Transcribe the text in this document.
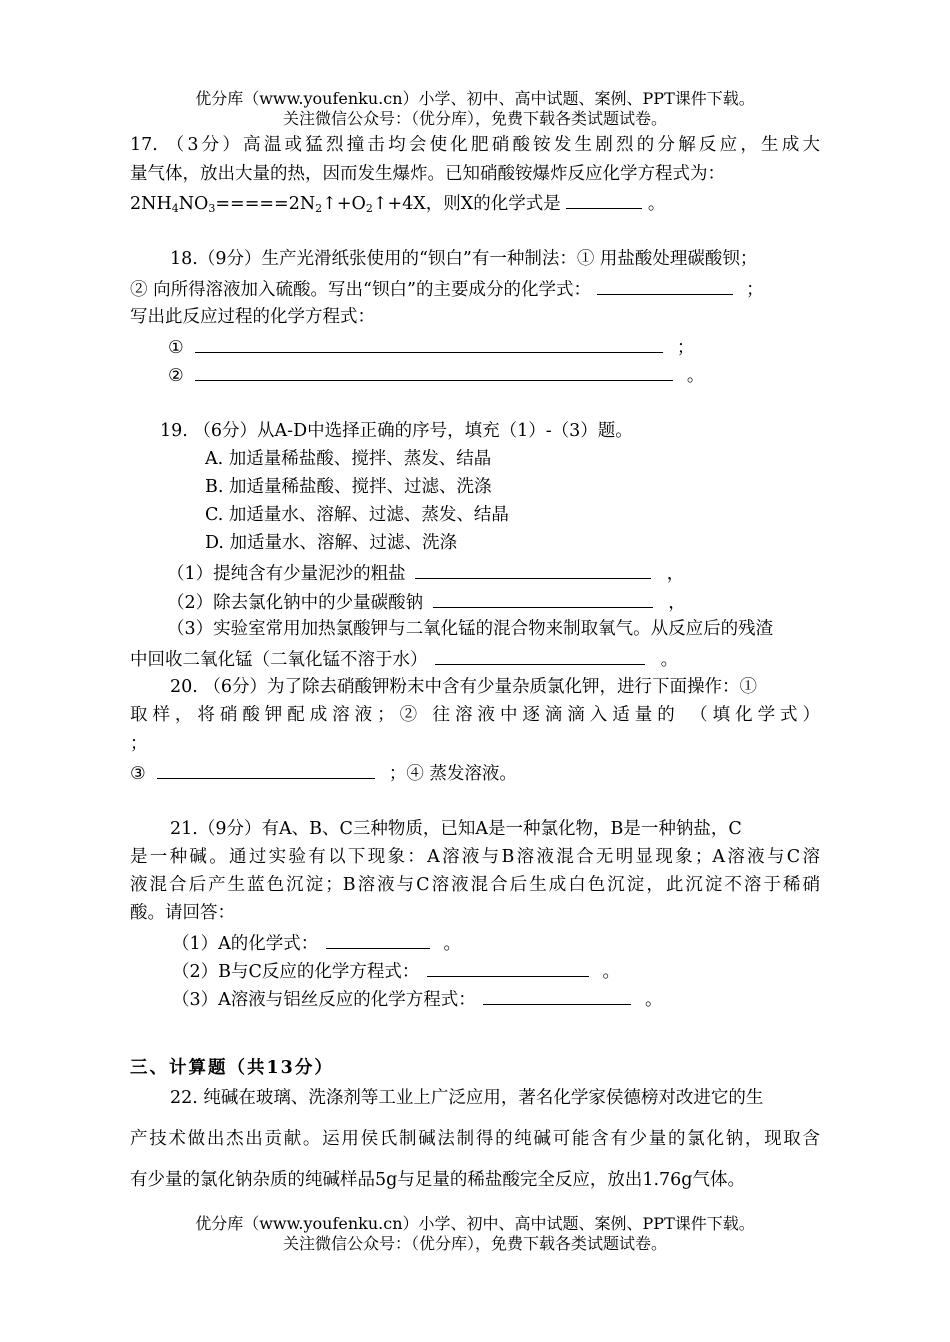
优分库（www.youfenku.cn）小学、初中、高中试题、案例、PPT课件下载。
关注微信公众号：（优分库），免费下载各类试题试卷。
17. （3分）高温或猛烈撞击均会使化肥硝酸铵发生剧烈的分解反应，生成大
量气体，放出大量的热，因而发生爆炸。已知硝酸铵爆炸反应化学方程式为：
$2NH_4NO_3=====2N_2↑+O_2↑+4X$，则X的化学式是	。
18.（9分）生产光滑纸张使用的“钡白”有一种制法：① 用盐酸处理碳酸钡；
② 向所得溶液加入硫酸。写出“钡白”的主要成分的化学式：	；
写出此反应过程的化学方程式：
①	；
②	。
19. （6分）从A-D中选择正确的序号，填充（1）-（3）题。
A. 加适量稀盐酸、搅拌、蒸发、结晶
B. 加适量稀盐酸、搅拌、过滤、洗涤
C. 加适量水、溶解、过滤、蒸发、结晶
D. 加适量水、溶解、过滤、洗涤
（1）提纯含有少量泥沙的粗盐	，
（2）除去氯化钠中的少量碳酸钠	，
（3）实验室常用加热氯酸钾与二氧化锰的混合物来制取氧气。从反应后的残渣
中回收二氧化锰（二氧化锰不溶于水）	。
20. （6分）为了除去硝酸钾粉末中含有少量杂质氯化钾，进行下面操作：①
取样，将硝酸钾配成溶液；② 往溶液中逐滴滴入适量的 （填化学式）
；
③	；④ 蒸发溶液。
21.（9分）有A、B、C三种物质，已知A是一种氯化物，B是一种钠盐，C
是一种碱。通过实验有以下现象：A溶液与B溶液混合无明显现象；A溶液与C溶
液混合后产生蓝色沉淀；B溶液与C溶液混合后生成白色沉淀，此沉淀不溶于稀硝
酸。请回答：
（1）A的化学式：	。
（2）B与C反应的化学方程式：	。
（3）A溶液与铝丝反应的化学方程式：	。
三、计算题（共13分）
22. 纯碱在玻璃、洗涤剂等工业上广泛应用，著名化学家侯德榜对改进它的生
产技术做出杰出贡献。运用侯氏制碱法制得的纯碱可能含有少量的氯化钠，现取含
有少量的氯化钠杂质的纯碱样品5g与足量的稀盐酸完全反应，放出1.76g气体。
优分库（www.youfenku.cn）小学、初中、高中试题、案例、PPT课件下载。
关注微信公众号：（优分库），免费下载各类试题试卷。
